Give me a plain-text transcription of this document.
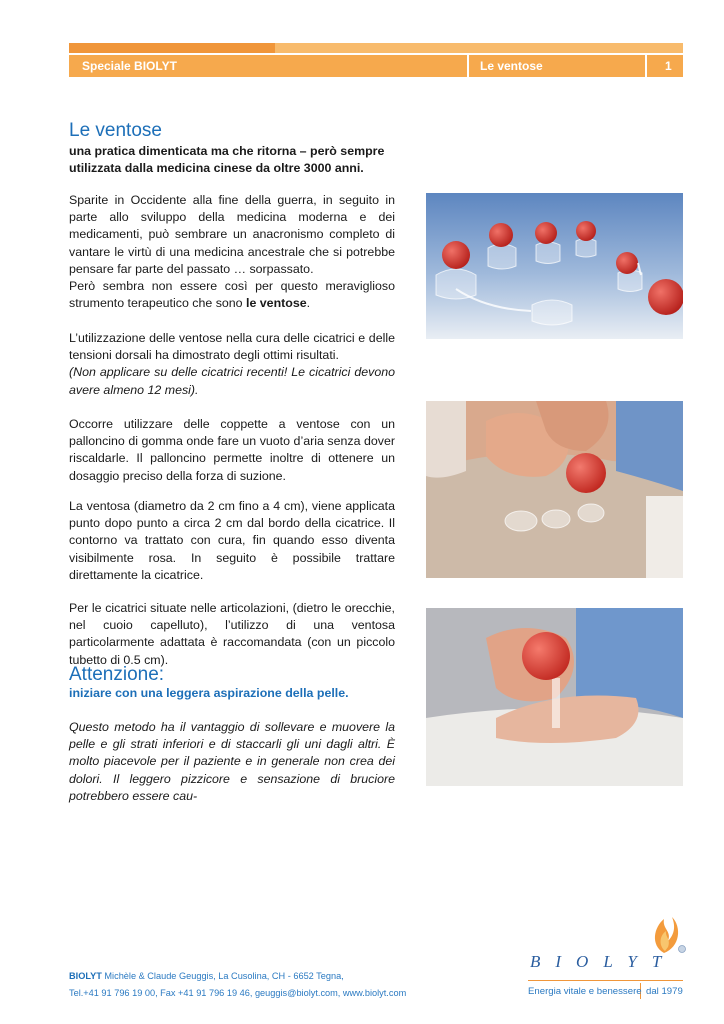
Speciale BIOLYT	Le ventose	1
Le ventose
una pratica dimenticata ma che ritorna – però sempre utilizzata dalla medicina cinese da oltre 3000 anni.

Sparite in Occidente alla fine della guerra, in seguito in parte allo sviluppo della medicina moderna e dei medicamenti, può sembrare un anacronismo completo di vantare le virtù di una medicina ancestrale che si potrebbe pensare far parte del passato … sorpassato.

Però sembra non essere così per questo meraviglioso strumento terapeutico che sono le ventose.

L’utilizzazione delle ventose nella cura delle cicatrici e delle tensioni dorsali ha dimostrato degli ottimi risultati.

(Non applicare su delle cicatrici recenti! Le cicatrici devono avere almeno 12 mesi).

Occorre utilizzare delle coppette a ventose con un palloncino di gomma onde fare un vuoto d’aria senza dover riscaldarle. Il palloncino permette inoltre di ottenere un dosaggio preciso della forza di suzione.
La ventosa (diametro da 2 cm fino a 4 cm), viene applicata punto dopo punto a circa 2 cm dal bordo della cicatrice. Il contorno va trattato con cura, fin quando esso diventa visibilmente rosa. In seguito è possibile trattare direttamente la cicatrice.
Per le cicatrici situate nelle articolazioni, (dietro le orecchie, nel cuoio capelluto), l’utilizzo di una ventosa particolarmente adattata è raccomandata (con un piccolo tubetto di 0.5 cm).
Attenzione:
iniziare con una leggera aspirazione della pelle.
Questo metodo ha il vantaggio di sollevare e muovere la pelle e gli strati inferiori e di staccarli gli uni dagli altri. È molto piacevole per il paziente e in generale non crea dei dolori. Il leggero pizzicore e sensazione di bruciore potrebbero essere cau-
BIOLYT Michèle & Claude Geuggis, La Cusolina, CH - 6652 Tegna,
Tel.+41 91 796 19 00, Fax +41 91 796 19 46, geuggis@biolyt.com, www.biolyt.com
BIOLYT
Energia vitale e benessere dal 1979
